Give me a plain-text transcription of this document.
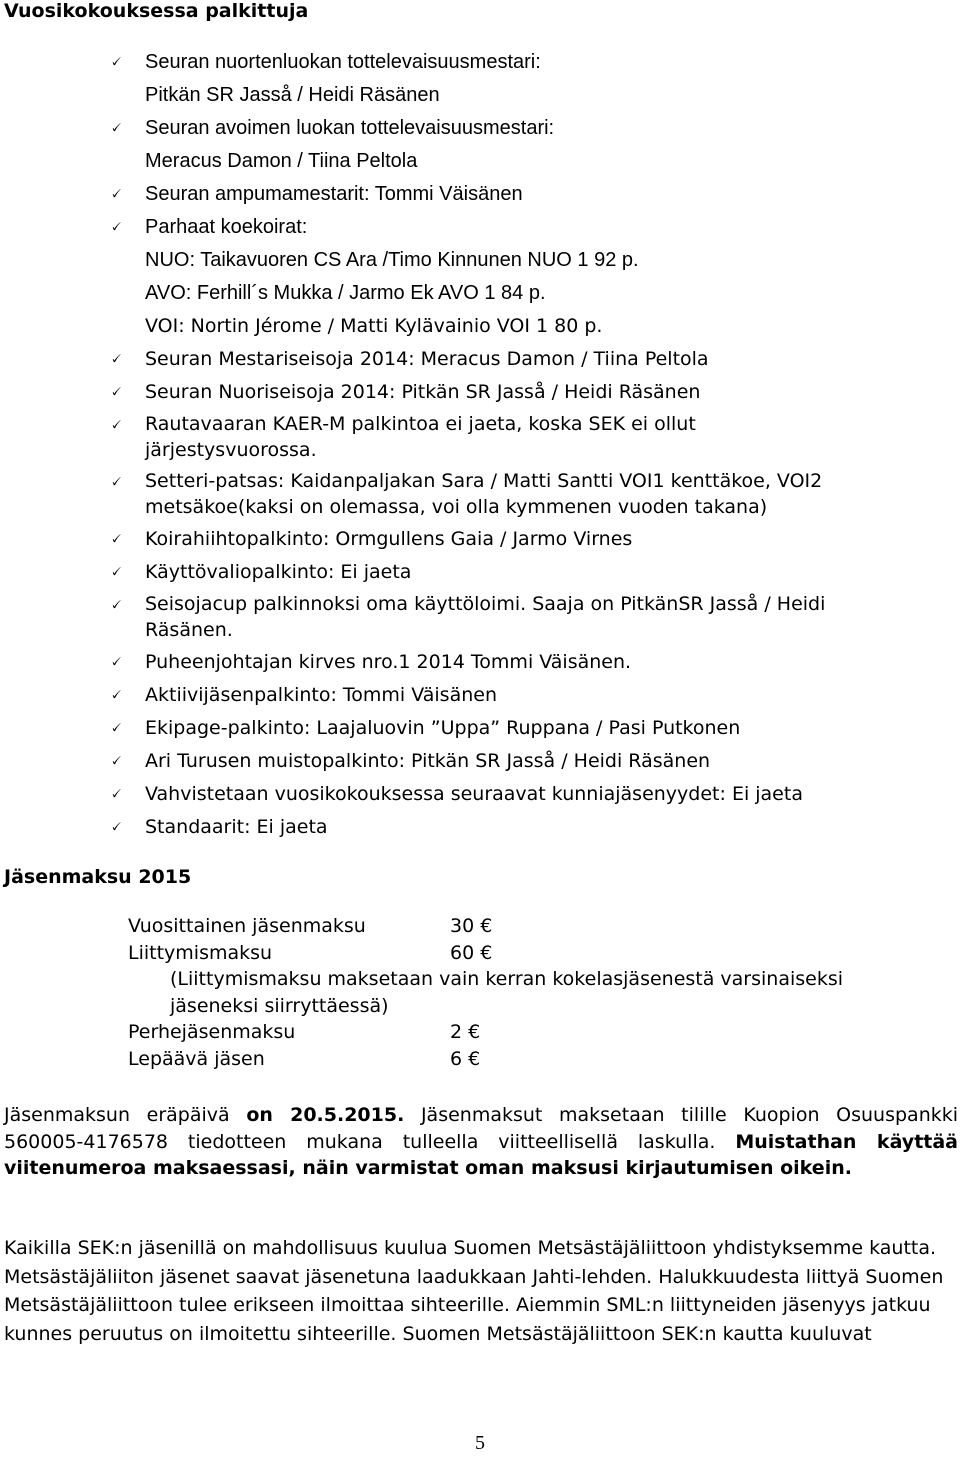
Vuosikokouksessa palkittuja
🗸	Seuran nuortenluokan tottelevaisuusmestari:
Pitkän SR Jasså / Heidi Räsänen
🗸	Seuran avoimen luokan tottelevaisuusmestari:
Meracus Damon / Tiina Peltola
🗸	Seuran ampumamestarit: Tommi Väisänen
🗸	Parhaat koekoirat:
NUO: Taikavuoren CS Ara /Timo Kinnunen NUO 1 92 p.
AVO: Ferhill´s Mukka / Jarmo Ek AVO 1 84 p.
VOI: Nortin Jérome / Matti Kylävainio VOI 1 80 p.
🗸	Seuran Mestariseisoja 2014: Meracus Damon / Tiina Peltola
🗸	Seuran Nuoriseisoja 2014: Pitkän SR Jasså / Heidi Räsänen
🗸	Rautavaaran KAER-M palkintoa ei jaeta, koska SEK ei ollut
järjestysvuorossa.
🗸	Setteri-patsas: Kaidanpaljakan Sara / Matti Santti VOI1 kenttäkoe, VOI2
metsäkoe(kaksi on olemassa, voi olla kymmenen vuoden takana)
🗸	Koirahiihtopalkinto: Ormgullens Gaia / Jarmo Virnes
🗸	Käyttövaliopalkinto: Ei jaeta
🗸	Seisojacup palkinnoksi oma käyttöloimi. Saaja on PitkänSR Jasså / Heidi
Räsänen.
🗸	Puheenjohtajan kirves nro.1 2014 Tommi Väisänen.
🗸	Aktiivijäsenpalkinto: Tommi Väisänen
🗸	Ekipage-palkinto: Laajaluovin ”Uppa” Ruppana / Pasi Putkonen
🗸	Ari Turusen muistopalkinto: Pitkän SR Jasså / Heidi Räsänen
🗸	Vahvistetaan vuosikokouksessa seuraavat kunniajäsenyydet: Ei jaeta
🗸	Standaarit: Ei jaeta
Jäsenmaksu 2015
Vuosittainen jäsenmaksu	30 €
Liittymismaksu	60 €
(Liittymismaksu maksetaan vain kerran kokelasjäsenestä varsinaiseksi
jäseneksi siirryttäessä)
Perhejäsenmaksu	2 €
Lepäävä jäsen	6 €
Jäsenmaksun eräpäivä on 20.5.2015. Jäsenmaksut maksetaan tilille Kuopion Osuuspankki 560005-4176578 tiedotteen mukana tulleella viitteellisellä laskulla. Muistathan käyttää viitenumeroa maksaessasi, näin varmistat oman maksusi kirjautumisen oikein.
Kaikilla SEK:n jäsenillä on mahdollisuus kuulua Suomen Metsästäjäliittoon yhdistyksemme kautta. Metsästäjäliiton jäsenet saavat jäsenetuna laadukkaan Jahti-lehden. Halukkuudesta liittyä Suomen Metsästäjäliittoon tulee erikseen ilmoittaa sihteerille. Aiemmin SML:n liittyneiden jäsenyys jatkuu kunnes peruutus on ilmoitettu sihteerille. Suomen Metsästäjäliittoon SEK:n kautta kuuluvat
5
